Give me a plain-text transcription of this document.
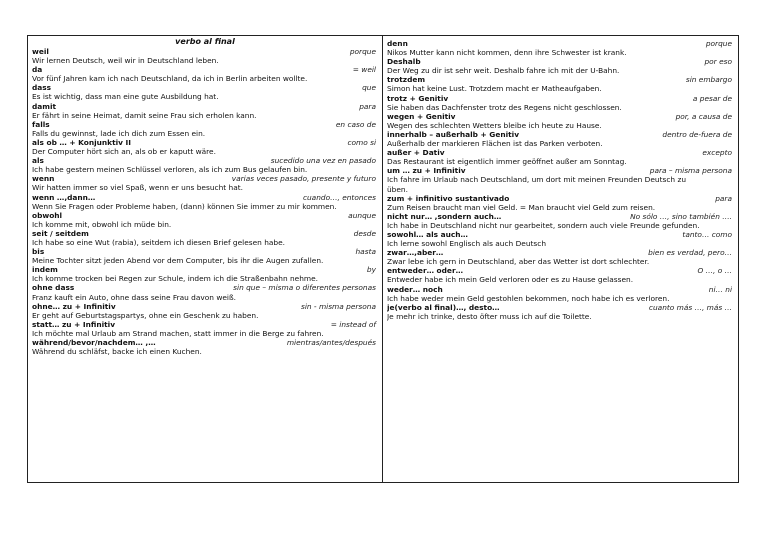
verbo al final
weil	porque
Wir lernen Deutsch, weil wir in Deutschland leben.
da	= weil
Vor fünf Jahren kam ich nach Deutschland, da ich in Berlin arbeiten wollte.
dass	que
Es ist wichtig, dass man eine gute Ausbildung hat.
damit	para
Er fährt in seine Heimat, damit seine Frau sich erholen kann.
falls	en caso de
Falls du gewinnst, lade ich dich zum Essen ein.
als ob … + Konjunktiv II	como si
Der Computer hört sich an, als ob er kaputt wäre.
als	sucedido una vez en pasado
Ich habe gestern meinen Schlüssel verloren, als ich zum Bus gelaufen bin.
wenn	varias veces pasado, presente y futuro
Wir hatten immer so viel Spaß, wenn er uns besucht hat.
wenn …,dann…	cuando…, entonces
Wenn Sie Fragen oder Probleme haben, (dann) können Sie immer zu mir kommen.
obwohl	aunque
Ich komme mit, obwohl ich müde bin.
seit / seitdem	desde
Ich habe so eine Wut (rabia), seitdem ich diesen Brief gelesen habe.
bis	hasta
Meine Tochter sitzt jeden Abend vor dem Computer, bis ihr die Augen zufallen.
indem	by
Ich komme trocken bei Regen zur Schule, indem ich die Straßenbahn nehme.
ohne dass	sin que – misma o diferentes personas
Franz kauft ein Auto, ohne dass seine Frau davon weiß.
ohne… zu + Infinitiv	sin - misma persona
Er geht auf Geburtstagspartys, ohne ein Geschenk zu haben.
statt… zu + Infinitiv	= instead of
Ich möchte mal Urlaub am Strand machen, statt immer in die Berge zu fahren.
während/bevor/nachdem… ,…	mientras/antes/después
Während du schläfst, backe ich einen Kuchen.
denn	porque
Nikos Mutter kann nicht kommen, denn ihre Schwester ist krank.
Deshalb	por eso
Der Weg zu dir ist sehr weit. Deshalb fahre ich mit der U-Bahn.
trotzdem	sin embargo
Simon hat keine Lust. Trotzdem macht er Matheaufgaben.
trotz + Genitiv	a pesar de
Sie haben das Dachfenster trotz des Regens nicht geschlossen.
wegen + Genitiv	por, a causa de
Wegen des schlechten Wetters bleibe ich heute zu Hause.
innerhalb – außerhalb + Genitiv	dentro de-fuera de
Außerhalb der markieren Flächen ist das Parken verboten.
außer + Dativ	excepto
Das Restaurant ist eigentlich immer geöffnet außer am Sonntag.
um … zu + Infinitiv	para – misma persona
Ich fahre im Urlaub nach Deutschland, um dort mit meinen Freunden Deutsch zu
üben.
zum + infinitivo sustantivado	para
Zum Reisen braucht man viel Geld. = Man braucht viel Geld zum reisen.
nicht nur… ,sondern auch…	No sólo …, sino también ….
Ich habe in Deutschland nicht nur gearbeitet, sondern auch viele Freunde gefunden.
sowohl… als auch…	tanto… como
Ich lerne sowohl Englisch als auch Deutsch
zwar…,aber…	bien es verdad, pero…
Zwar lebe ich gern in Deutschland, aber das Wetter ist dort schlechter.
entweder… oder…	O …, o …
Entweder habe ich mein Geld verloren oder es zu Hause gelassen.
weder… noch	ni… ni
Ich habe weder mein Geld gestohlen bekommen, noch habe ich es verloren.
je(verbo al final)…, desto…	cuanto más …, más …
Je mehr ich trinke, desto öfter muss ich auf die Toilette.
